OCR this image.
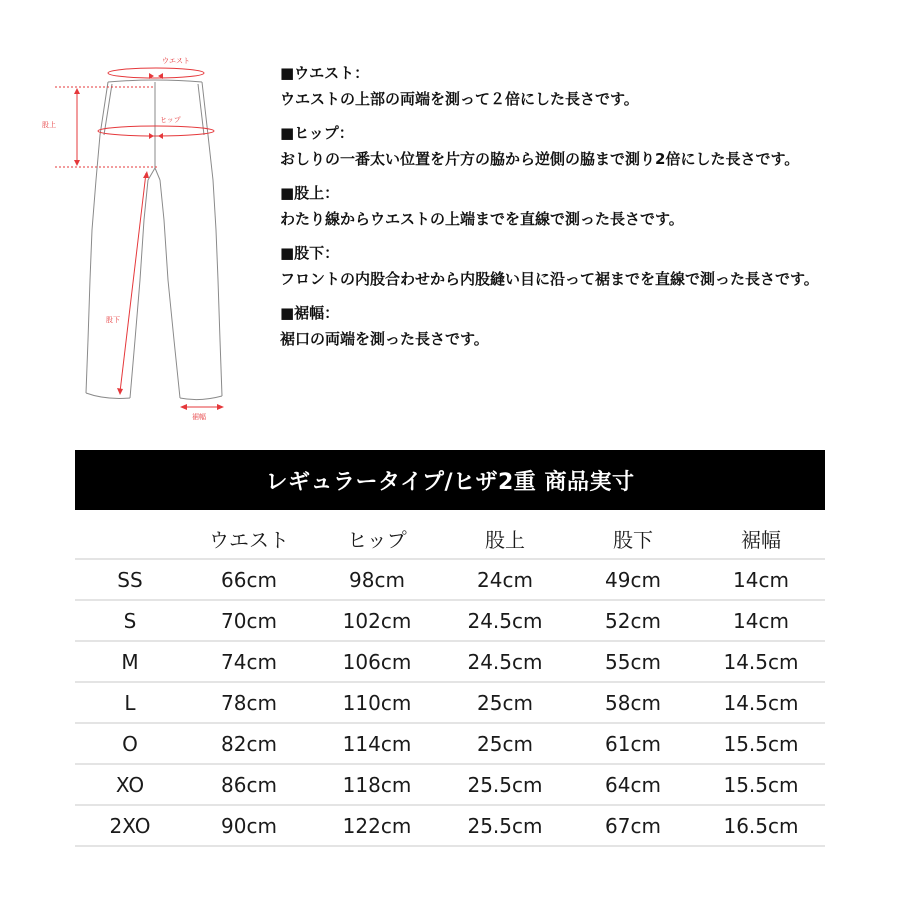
ウエスト
ヒップ
股上
股下
裾幅
■ウエスト：
ウエストの上部の両端を測って２倍にした長さです。
■ヒップ：
おしりの一番太い位置を片方の脇から逆側の脇まで測り2倍にした長さです。
■股上：
わたり線からウエストの上端までを直線で測った長さです。
■股下：
フロントの内股合わせから内股縫い目に沿って裾までを直線で測った長さです。
■裾幅：
裾口の両端を測った長さです。
レギュラータイプ/ヒザ2重 商品実寸
	ウエスト	ヒップ	股上	股下	裾幅
SS	66cm	98cm	24cm	49cm	14cm
S	70cm	102cm	24.5cm	52cm	14cm
M	74cm	106cm	24.5cm	55cm	14.5cm
L	78cm	110cm	25cm	58cm	14.5cm
O	82cm	114cm	25cm	61cm	15.5cm
XO	86cm	118cm	25.5cm	64cm	15.5cm
2XO	90cm	122cm	25.5cm	67cm	16.5cm
